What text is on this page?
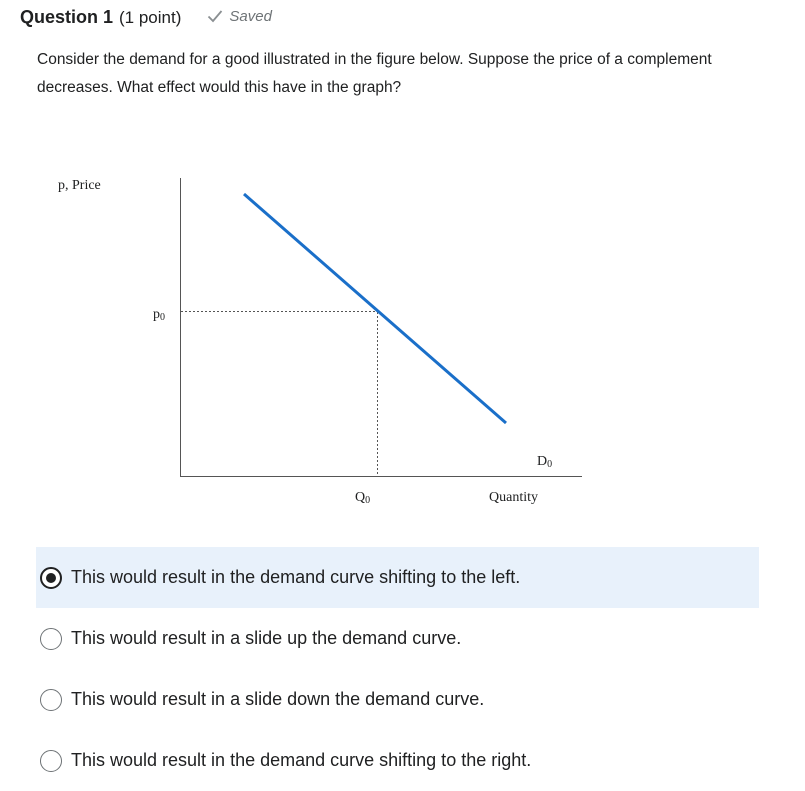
Question 1 (1 point)	Saved

Consider the demand for a good illustrated in the figure below. Suppose the price of a complement
decreases. What effect would this have in the graph?

p, Price
p0
D0
Q0	Quantity
This would result in the demand curve shifting to the left.
This would result in a slide up the demand curve.
This would result in a slide down the demand curve.
This would result in the demand curve shifting to the right.
